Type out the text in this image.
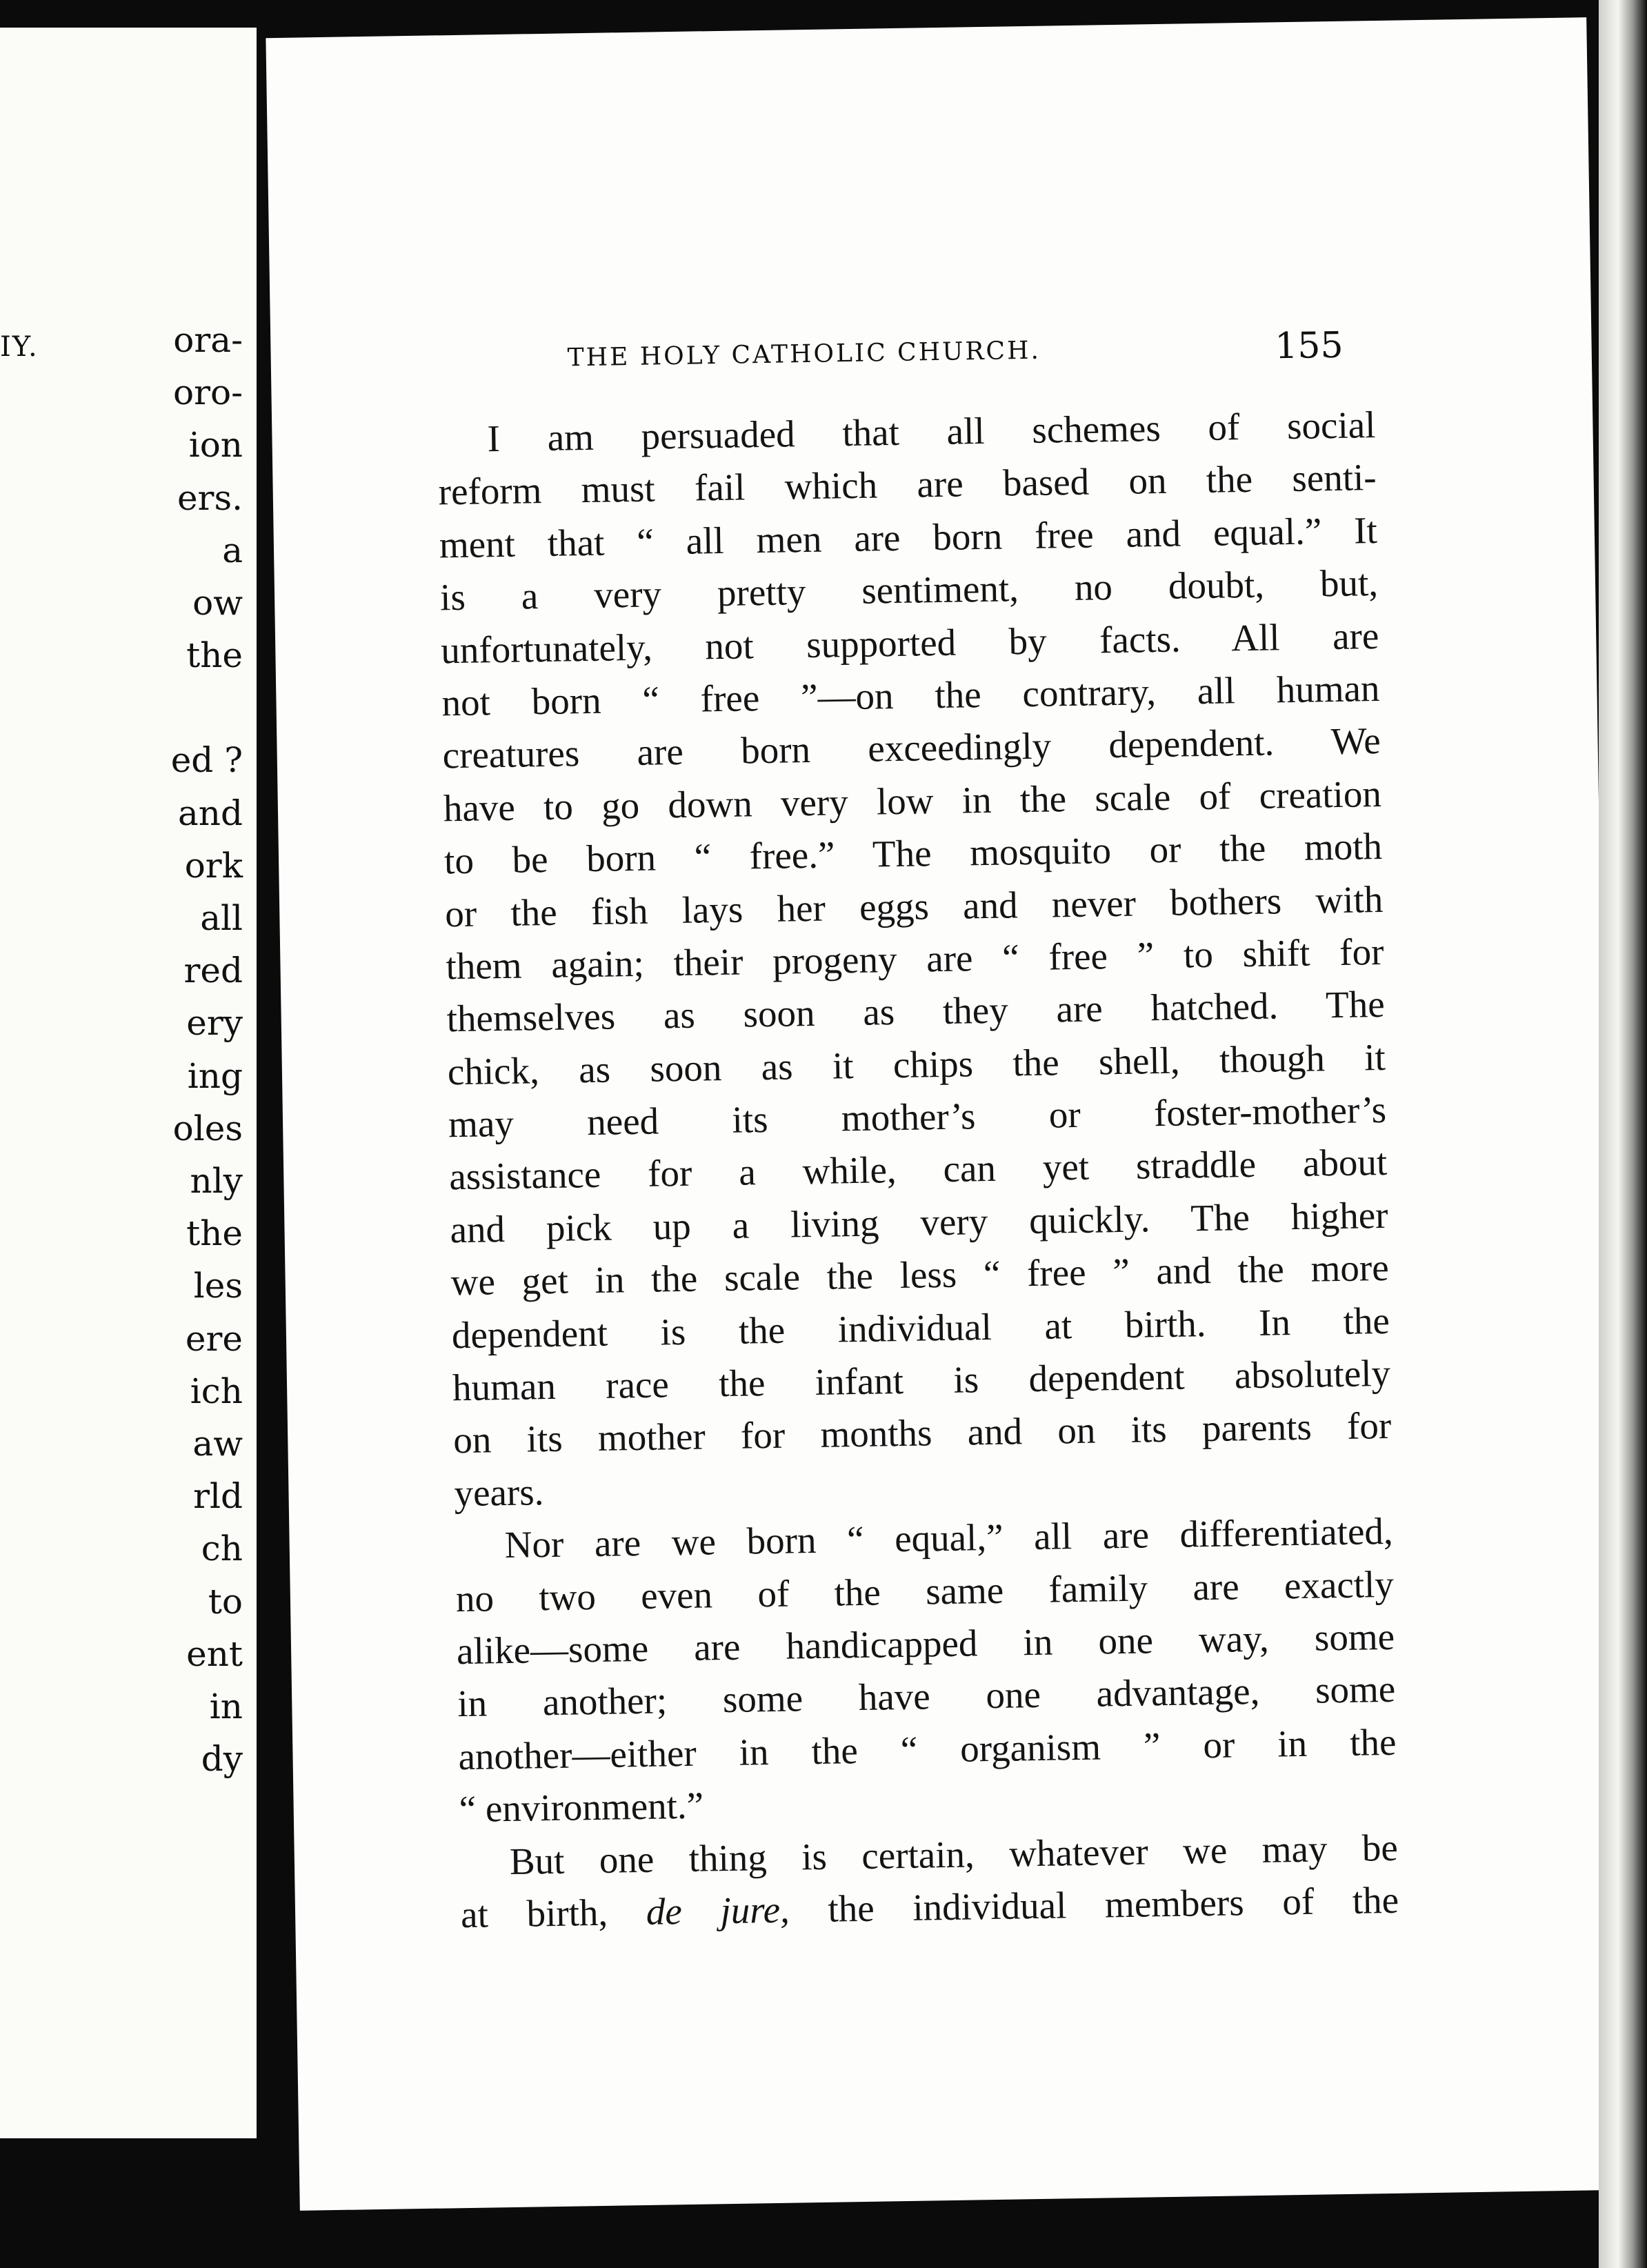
IY.	ora-
oro-
ion
ers.
a
ow
the

ed ?
and
ork
all
red
ery
ing
oles
nly
the
les
ere
ich
aw
rld
ch
to
ent
in
dy
THE HOLY CATHOLIC CHURCH.	155
I am persuaded that all schemes of social
reform must fail which are based on the senti-
ment that “ all men are born free and equal.” It
is a very pretty sentiment, no doubt, but,
unfortunately, not supported by facts. All are
not born “ free ”—on the contrary, all human
creatures are born exceedingly dependent. We
have to go down very low in the scale of creation
to be born “ free.” The mosquito or the moth
or the fish lays her eggs and never bothers with
them again; their progeny are “ free ” to shift for
themselves as soon as they are hatched. The
chick, as soon as it chips the shell, though it
may need its mother’s or foster-mother’s
assistance for a while, can yet straddle about
and pick up a living very quickly. The higher
we get in the scale the less “ free ” and the more
dependent is the individual at birth. In the
human race the infant is dependent absolutely
on its mother for months and on its parents for
years.
Nor are we born “ equal,” all are differentiated,
no two even of the same family are exactly
alike—some are handicapped in one way, some
in another; some have one advantage, some
another—either in the “ organism ” or in the
“ environment.”
But one thing is certain, whatever we may be
at birth, de jure, the individual members of the
